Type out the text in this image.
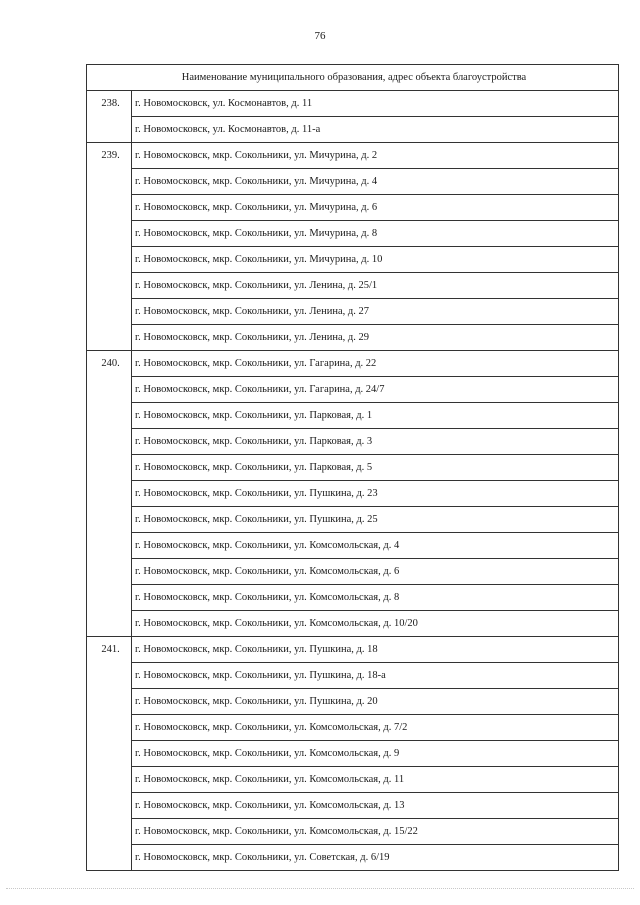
76
Наименование муниципального образования, адрес объекта благоустройства	
238.	г. Новомосковск, ул. Космонавтов, д. 11
	г. Новомосковск, ул. Космонавтов, д. 11-а
239.	г. Новомосковск, мкр. Сокольники, ул. Мичурина, д. 2
	г. Новомосковск, мкр. Сокольники, ул. Мичурина, д. 4
	г. Новомосковск, мкр. Сокольники, ул. Мичурина, д. 6
	г. Новомосковск, мкр. Сокольники, ул. Мичурина, д. 8
	г. Новомосковск, мкр. Сокольники, ул. Мичурина, д. 10
	г. Новомосковск, мкр. Сокольники, ул. Ленина, д. 25/1
	г. Новомосковск, мкр. Сокольники, ул. Ленина, д. 27
	г. Новомосковск, мкр. Сокольники, ул. Ленина, д. 29
240.	г. Новомосковск, мкр. Сокольники, ул. Гагарина, д. 22
	г. Новомосковск, мкр. Сокольники, ул. Гагарина, д. 24/7
	г. Новомосковск, мкр. Сокольники, ул. Парковая, д. 1
	г. Новомосковск, мкр. Сокольники, ул. Парковая, д. 3
	г. Новомосковск, мкр. Сокольники, ул. Парковая, д. 5
	г. Новомосковск, мкр. Сокольники, ул. Пушкина, д. 23
	г. Новомосковск, мкр. Сокольники, ул. Пушкина, д. 25
	г. Новомосковск, мкр. Сокольники, ул. Комсомольская, д. 4
	г. Новомосковск, мкр. Сокольники, ул. Комсомольская, д. 6
	г. Новомосковск, мкр. Сокольники, ул. Комсомольская, д. 8
	г. Новомосковск, мкр. Сокольники, ул. Комсомольская, д. 10/20
241.	г. Новомосковск, мкр. Сокольники, ул. Пушкина, д. 18
	г. Новомосковск, мкр. Сокольники, ул. Пушкина, д. 18-а
	г. Новомосковск, мкр. Сокольники, ул. Пушкина, д. 20
	г. Новомосковск, мкр. Сокольники, ул. Комсомольская, д. 7/2
	г. Новомосковск, мкр. Сокольники, ул. Комсомольская, д. 9
	г. Новомосковск, мкр. Сокольники, ул. Комсомольская, д. 11
	г. Новомосковск, мкр. Сокольники, ул. Комсомольская, д. 13
	г. Новомосковск, мкр. Сокольники, ул. Комсомольская, д. 15/22
	г. Новомосковск, мкр. Сокольники, ул. Советская, д. 6/19
